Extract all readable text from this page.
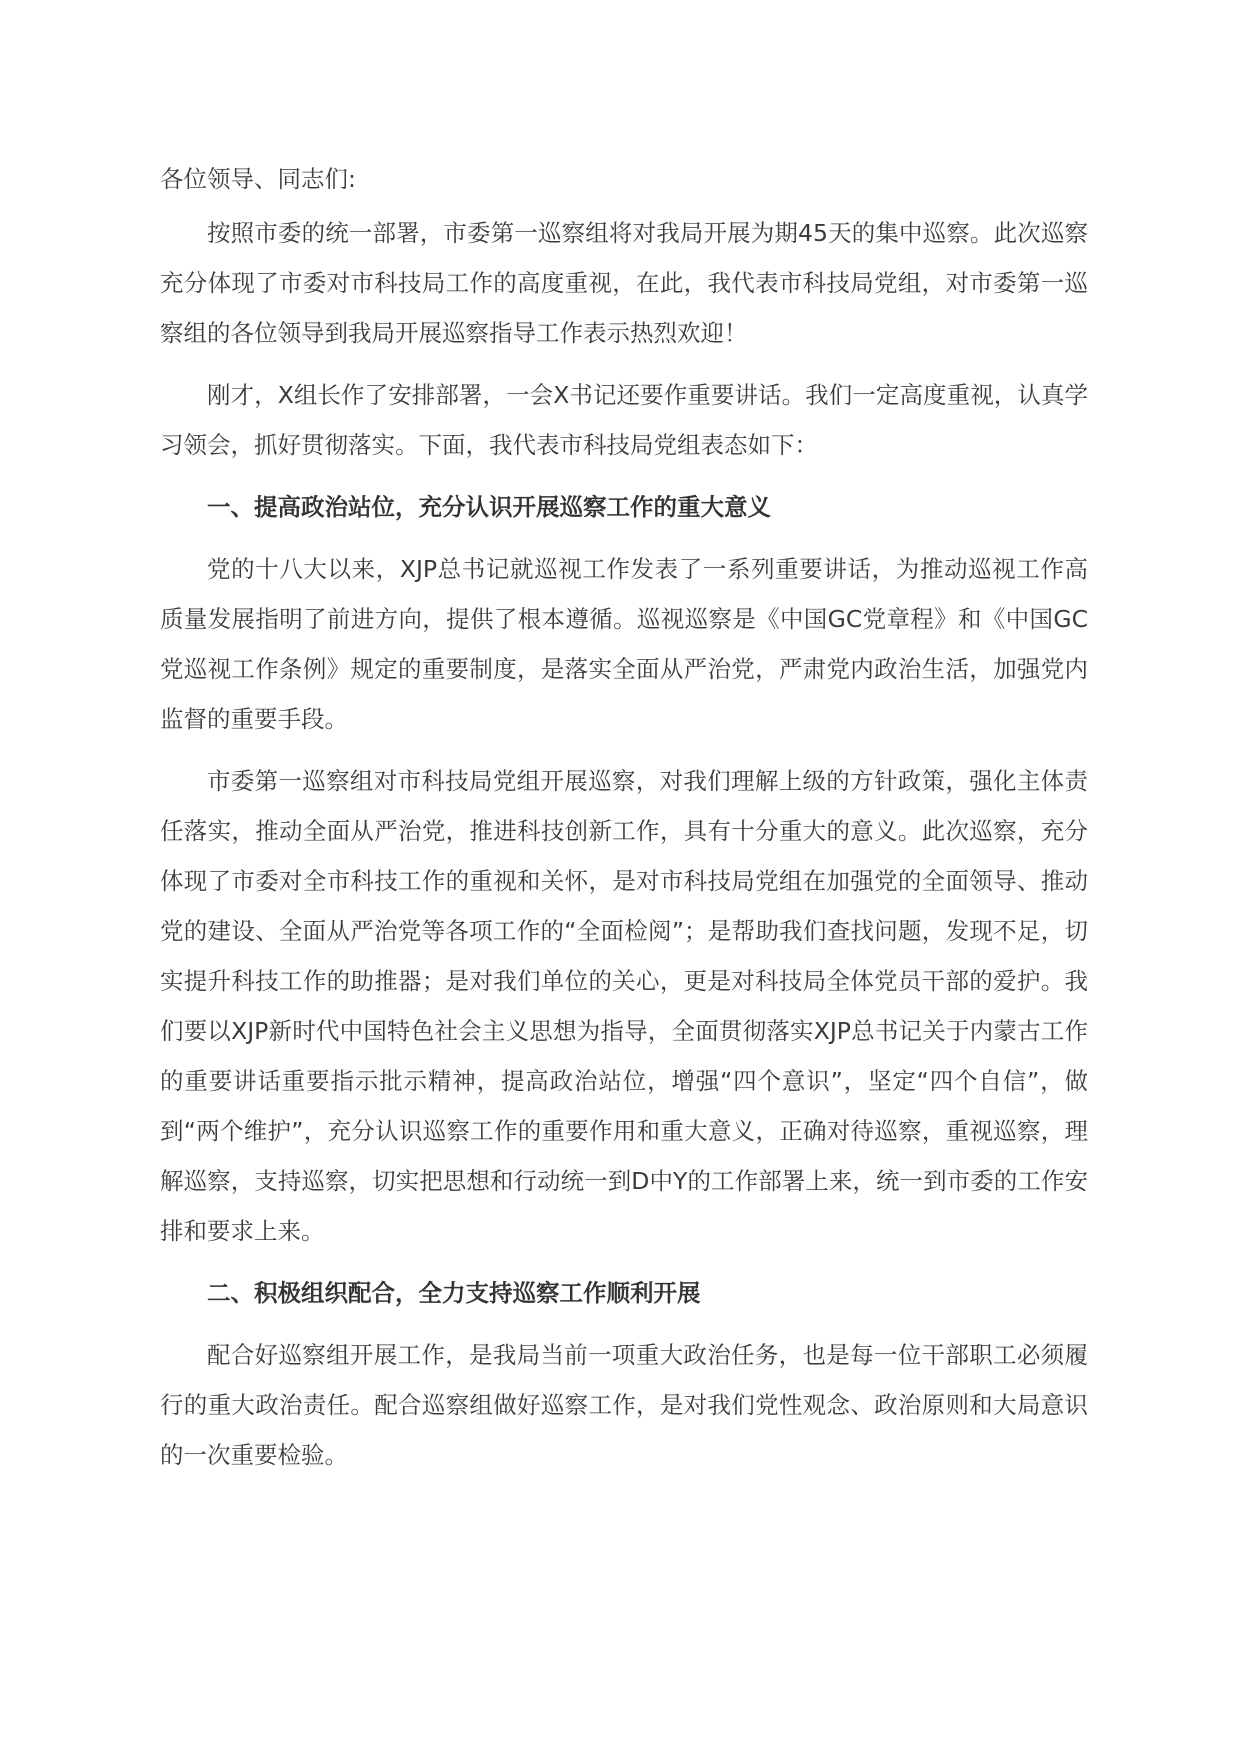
各位领导、同志们:

按照市委的统一部署，市委第一巡察组将对我局开展为期45天的集中巡察。此次巡察充分体现了市委对市科技局工作的高度重视，在此，我代表市科技局党组，对市委第一巡察组的各位领导到我局开展巡察指导工作表示热烈欢迎！

刚才，X组长作了安排部署，一会X书记还要作重要讲话。我们一定高度重视，认真学习领会，抓好贯彻落实。下面，我代表市科技局党组表态如下：

一、提高政治站位，充分认识开展巡察工作的重大意义

党的十八大以来，XJP总书记就巡视工作发表了一系列重要讲话，为推动巡视工作高质量发展指明了前进方向，提供了根本遵循。巡视巡察是《中国GC党章程》和《中国GC党巡视工作条例》规定的重要制度，是落实全面从严治党，严肃党内政治生活，加强党内监督的重要手段。

市委第一巡察组对市科技局党组开展巡察，对我们理解上级的方针政策，强化主体责任落实，推动全面从严治党，推进科技创新工作，具有十分重大的意义。此次巡察，充分体现了市委对全市科技工作的重视和关怀，是对市科技局党组在加强党的全面领导、推动党的建设、全面从严治党等各项工作的“全面检阅”；是帮助我们查找问题，发现不足，切实提升科技工作的助推器；是对我们单位的关心，更是对科技局全体党员干部的爱护。我们要以XJP新时代中国特色社会主义思想为指导，全面贯彻落实XJP总书记关于内蒙古工作的重要讲话重要指示批示精神，提高政治站位，增强“四个意识”，坚定“四个自信”，做到“两个维护”，充分认识巡察工作的重要作用和重大意义，正确对待巡察，重视巡察，理解巡察，支持巡察，切实把思想和行动统一到D中Y的工作部署上来，统一到市委的工作安排和要求上来。

二、积极组织配合，全力支持巡察工作顺利开展

配合好巡察组开展工作，是我局当前一项重大政治任务，也是每一位干部职工必须履行的重大政治责任。配合巡察组做好巡察工作，是对我们党性观念、政治原则和大局意识的一次重要检验。
